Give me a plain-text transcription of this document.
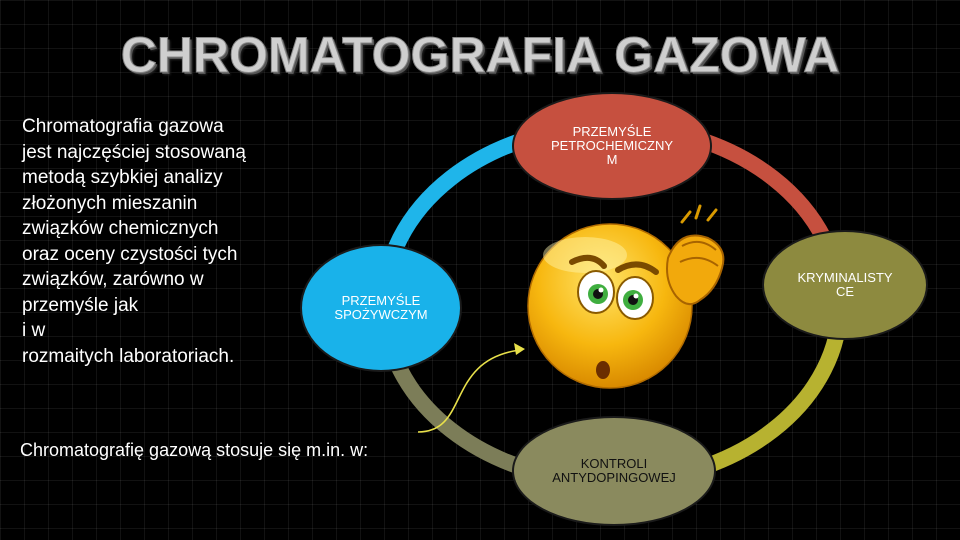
CHROMATOGRAFIA GAZOWA
Chromatografia gazowa
jest najczęściej stosowaną
metodą szybkiej analizy
złożonych mieszanin
związków chemicznych
oraz oceny czystości tych
związków, zarówno w
przemyśle jak
i w
rozmaitych laboratoriach.
PRZEMYŚLE
PETROCHEMICZNY
M
KRYMINALISTY
CE
PRZEMYŚLE
SPOŻYWCZYM
KONTROLI
ANTYDOPINGOWEJ

Chromatografię gazową stosuje się m.in. w:
